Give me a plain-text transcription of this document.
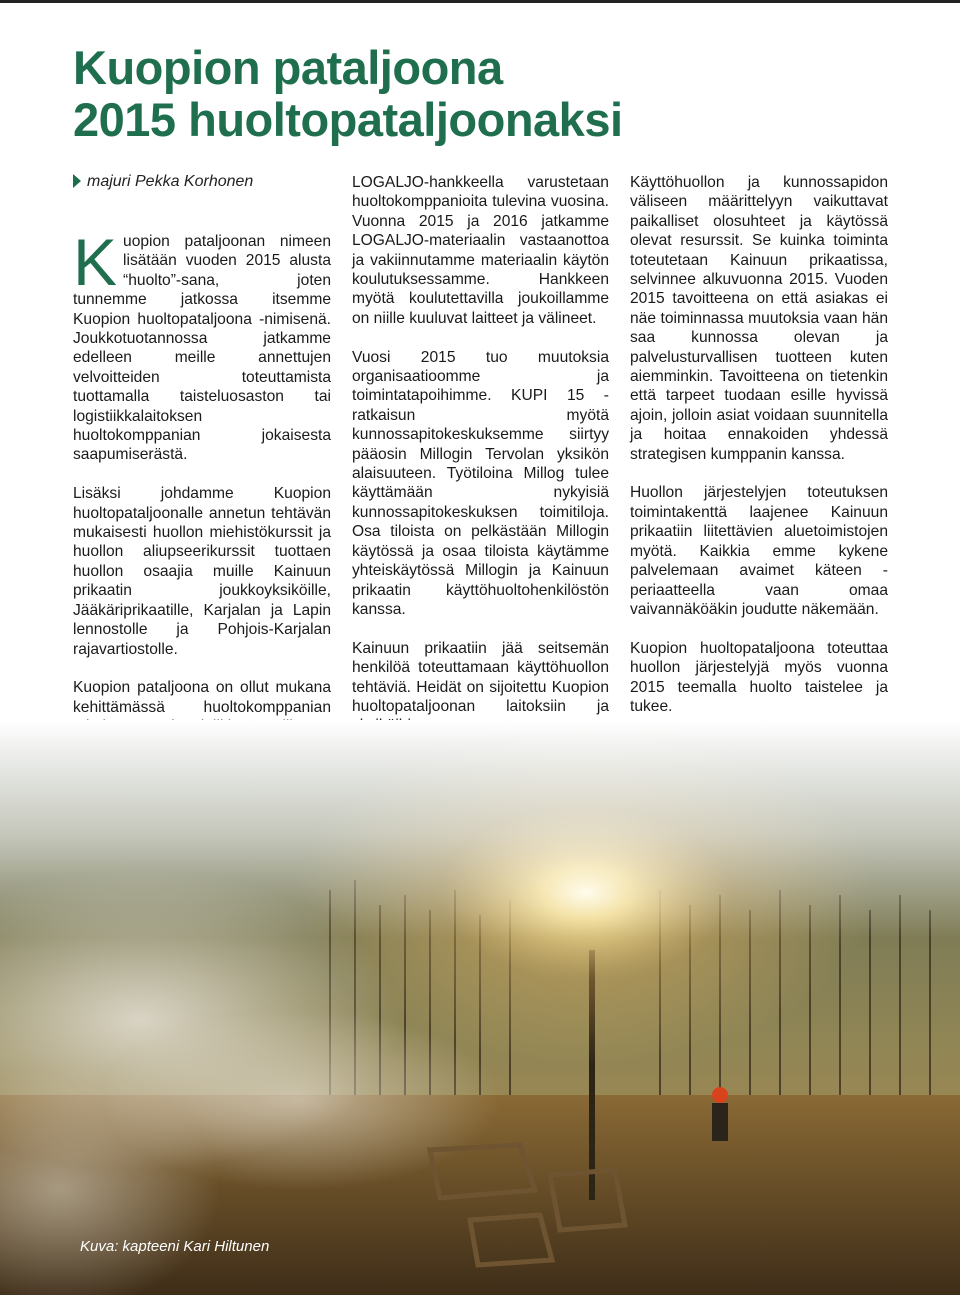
Kuopion pataljoona
2015 huoltopataljoonaksi
majuri Pekka Korhonen

Kuopion pataljoonan nimeen lisätään vuoden 2015 alusta “huolto”-sana, joten tunnemme jatkossa itsemme Kuopion huoltopataljoona -nimisenä. Joukkotuotannossa jatkamme edelleen meille annettujen velvoitteiden toteuttamista tuottamalla taisteluosaston tai logistiikkalaitoksen huoltokomppanian jokaisesta saapumiserästä.

Lisäksi johdamme Kuopion huoltopataljoonalle annetun tehtävän mukaisesti huollon miehistökurssit ja huollon aliupseerikurssit tuottaen huollon osaajia muille Kainuun prikaatin joukkoyksiköille, Jääkäriprikaatille, Karjalan ja Lapin lennostolle ja Pohjois-Karjalan rajavartiostolle.

Kuopion pataljoona on ollut mukana kehittämässä huoltokomppanian

LOGALJO-hankkeella varustetaan huoltokomppanioita tulevina vuosina. Vuonna 2015 ja 2016 jatkamme LOGALJO-materiaalin vastaanottoa ja vakiinnutamme materiaalin käytön koulutuksessamme. Hankkeen myötä koulutettavilla joukoillamme on niille kuuluvat laitteet ja välineet.

Vuosi 2015 tuo muutoksia organisaatioomme ja toimintatapoihimme. KUPI 15 -ratkaisun myötä kunnossapitokeskuksemme siirtyy pääosin Millogin Tervolan yksikön alaisuuteen. Työtiloina Millog tulee käyttämään nykyisiä kunnossapitokeskuksen toimitiloja. Osa tiloista on pelkästään Millogin käytössä ja osaa tiloista käytämme yhteiskäytössä Millogin ja Kainuun prikaatin käyttöhuoltohenkilöstön kanssa.

Kainuun prikaatiin jää seitsemän henkilöä toteuttamaan käyttöhuollon tehtäviä. Heidät on sijoitettu Kuopion huoltopataljoonan laitoksiin ja

Käyttöhuollon ja kunnossapidon väliseen määrittelyyn vaikuttavat paikalliset olosuhteet ja käytössä olevat resurssit. Se kuinka toiminta toteutetaan Kainuun prikaatissa, selvinnee alkuvuonna 2015. Vuoden 2015 tavoitteena on että asiakas ei näe toiminnassa muutoksia vaan hän saa kunnossa olevan ja palvelusturvallisen tuotteen kuten aiemminkin. Tavoitteena on tietenkin että tarpeet tuodaan esille hyvissä ajoin, jolloin asiat voidaan suunnitella ja hoitaa ennakoiden yhdessä strategisen kumppanin kanssa.

Huollon järjestelyjen toteutuksen toimintakenttä laajenee Kainuun prikaatiin liitettävien aluetoimistojen myötä. Kaikkia emme kykene palvelemaan avaimet käteen -periaatteella vaan omaa vaivannäköäkin joudutte näkemään.

Kuopion huoltopataljoona toteuttaa huollon järjestelyjä myös vuonna 2015 teemalla huolto taistelee ja tukee.

Kuva: kapteeni Kari Hiltunen
